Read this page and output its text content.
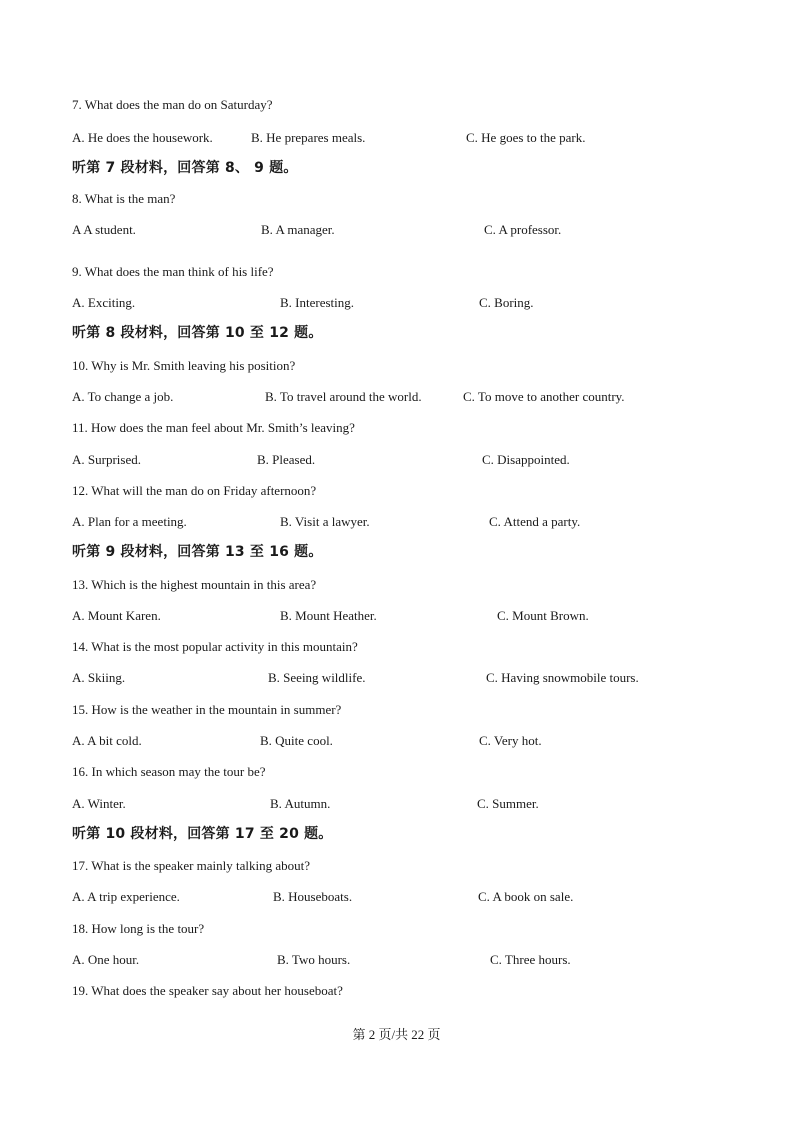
7. What does the man do on Saturday?
A. He does the housework.	B. He prepares meals.	C. He goes to the park.
听第 7 段材料，回答第 8、 9 题。
8. What is the man?
A A student.	B. A manager.	C. A professor.
9. What does the man think of his life?
A. Exciting.	B. Interesting.	C. Boring.
听第 8 段材料，回答第 10 至 12 题。
10. Why is Mr. Smith leaving his position?
A. To change a job.	B. To travel around the world.	C. To move to another country.
11. How does the man feel about Mr. Smith’s leaving?
A. Surprised.	B. Pleased.	C. Disappointed.
12. What will the man do on Friday afternoon?
A. Plan for a meeting.	B. Visit a lawyer.	C. Attend a party.
听第 9 段材料，回答第 13 至 16 题。
13. Which is the highest mountain in this area?
A. Mount Karen.	B. Mount Heather.	C. Mount Brown.
14. What is the most popular activity in this mountain?
A. Skiing.	B. Seeing wildlife.	C. Having snowmobile tours.
15. How is the weather in the mountain in summer?
A. A bit cold.	B. Quite cool.	C. Very hot.
16. In which season may the tour be?
A. Winter.	B. Autumn.	C. Summer.
听第 10 段材料，回答第 17 至 20 题。
17. What is the speaker mainly talking about?
A. A trip experience.	B. Houseboats.	C. A book on sale.
18. How long is the tour?
A. One hour.	B. Two hours.	C. Three hours.
19. What does the speaker say about her houseboat?
第 2 页/共 22 页
